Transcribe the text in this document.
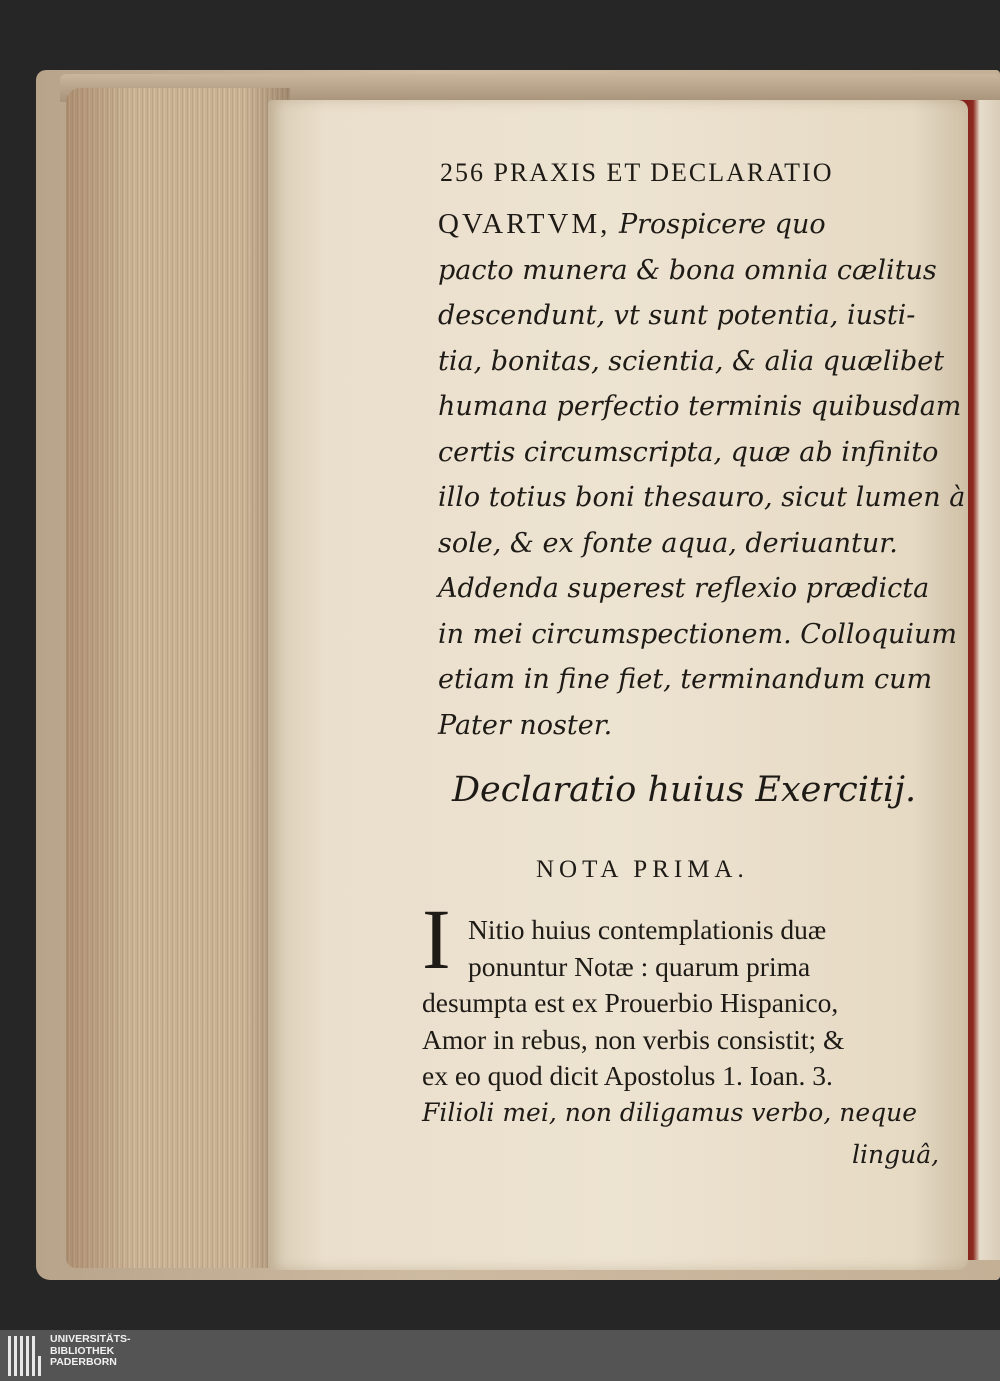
256 PRAXIS ET DECLARATIO
QVARTVM, Prospicere quo
pacto munera & bona omnia cælitus
descendunt, vt sunt potentia, iusti-
tia, bonitas, scientia, & alia quælibet
humana perfectio terminis quibusdam
certis circumscripta, quæ ab infinito
illo totius boni thesauro, sicut lumen à
sole, & ex fonte aqua, deriuantur.
Addenda superest reflexio prædicta
in mei circumspectionem. Colloquium
etiam in fine fiet, terminandum cum
Pater noster.
Declaratio huius Exercitij.
NOTA PRIMA.
I Nitio huius contemplationis duæ
ponuntur Notæ : quarum prima
desumpta est ex Prouerbio Hispanico,
Amor in rebus, non verbis consistit; &
ex eo quod dicit Apostolus 1. Ioan. 3.
Filioli mei, non diligamus verbo, neque
linguâ,
UNIVERSITÄTS-
BIBLIOTHEK
PADERBORN
